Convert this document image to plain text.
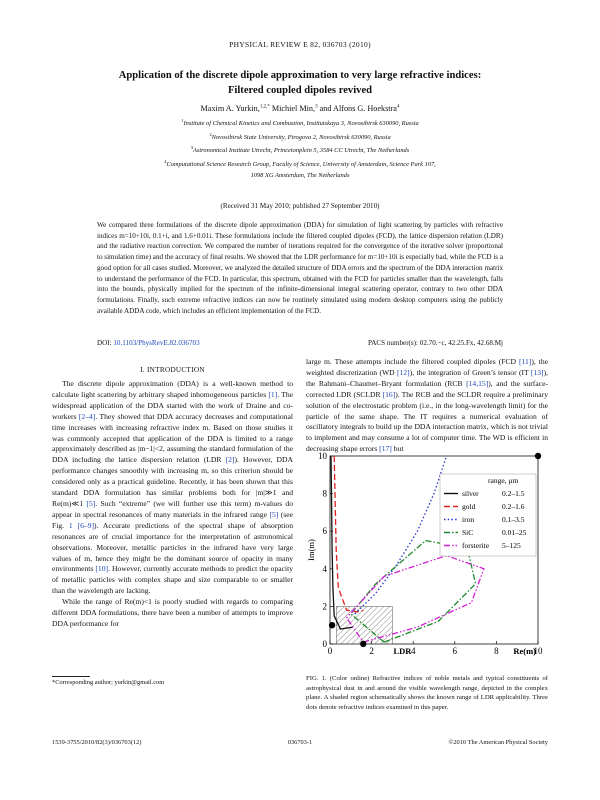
PHYSICAL REVIEW E 82, 036703 (2010)
Application of the discrete dipole approximation to very large refractive indices:
Filtered coupled dipoles revived
Maxim A. Yurkin,$^{1,2,*}$ Michiel Min,$^3$ and Alfons G. Hoekstra$^4$
$^1$Institute of Chemical Kinetics and Combustion, Institutskaya 3, Novosibirsk 630090, Russia
$^2$Novosibirsk State University, Pirogova 2, Novosibirsk 630090, Russia
$^3$Astronomical Institute Utrecht, Princetonplein 5, 3584 CC Utrecht, The Netherlands
$^4$Computational Science Research Group, Faculty of Science, University of Amsterdam, Science Park 107,
1098 XG Amsterdam, The Netherlands
(Received 31 May 2010; published 27 September 2010)
We compared three formulations of the discrete dipole approximation (DDA) for simulation of light scattering by particles with refractive indices m=10+10i, 0.1+i, and 1.6+0.01i. These formulations include the filtered coupled dipoles (FCD), the lattice dispersion relation (LDR) and the radiative reaction correction. We compared the number of iterations required for the convergence of the iterative solver (proportional to simulation time) and the accuracy of final results. We showed that the LDR performance for m=10+10i is especially bad, while the FCD is a good option for all cases studied. Moreover, we analyzed the detailed structure of DDA errors and the spectrum of the DDA interaction matrix to understand the performance of the FCD. In particular, this spectrum, obtained with the FCD for particles smaller than the wavelength, falls into the bounds, physically implied for the spectrum of the infinite-dimensional integral scattering operator, contrary to two other DDA formulations. Finally, such extreme refractive indices can now be routinely simulated using modern desktop computers using the publicly available ADDA code, which includes an efficient implementation of the FCD.
DOI: 10.1103/PhysRevE.82.036703	PACS number(s): 02.70.−c, 42.25.Fx, 42.68.Mj
I. INTRODUCTION

The discrete dipole approximation (DDA) is a well-known method to calculate light scattering by arbitrary shaped inhomogeneous particles [1]. The widespread application of the DDA started with the work of Draine and co-workers [2–4]. They showed that DDA accuracy decreases and computational time increases with increasing refractive index m. Based on those studies it was commonly accepted that application of the DDA is limited to a range approximately described as |m−1|<2, assuming the standard formulation of the DDA including the lattice dispersion relation (LDR [2]). However, DDA performance changes smoothly with increasing m, so this criterion should be considered only as a practical guideline. Recently, it has been shown that this standard DDA formulation has similar problems both for |m|≫1 and Re(m)≪1 [5]. Such “extreme” (we will further use this term) m-values do appear in spectral resonances of many materials in the infrared range [5] (see Fig. 1 [6–9]). Accurate predictions of the spectral shape of absorption resonances are of crucial importance for the interpretation of astronomical observations. Moreover, metallic particles in the infrared have very large values of m, hence they might be the dominant source of opacity in many environments [10]. However, currently accurate methods to predict the opacity of metallic particles with complex shape and size comparable to or smaller than the wavelength are lacking.

While the range of Re(m)<1 is poorly studied with regards to comparing different DDA formulations, there have been a number of attempts to improve DDA performance for

large m. These attempts include the filtered coupled dipoles (FCD [11]), the weighted discretization (WD [12]), the integration of Green’s tensor (IT [13]), the Rahmani–Chaumet–Bryant formulation (RCB [14,15]), and the surface-corrected LDR (SCLDR [16]). The RCB and the SCLDR require a preliminary solution of the electrostatic problem (i.e., in the long-wavelength limit) for the particle of the same shape. The IT requires a numerical evaluation of oscillatory integrals to build up the DDA interaction matrix, which is not trivial to implement and may consume a lot of computer time. The WD is efficient in decreasing shape errors [17] but

0	2	4	6	8	10
0
2
4
6
8
10
Re(m)
Im(m)
LDR
range, μm
silver	0.2–1.5
gold	0.2–1.6
iron	0.1–3.5
SiC	0.01–25
forsterite 5–125
FIG. 1. (Color online) Refractive indices of noble metals and typical constituents of astrophysical dust in and around the visible wavelength range, depicted in the complex plane. A shaded region schematically shows the known range of LDR applicability. Three dots denote refractive indices examined in this paper.
*Corresponding author; yurkin@gmail.com
1539-3755/2010/82(3)/036703(12)	036703-1	©2010 The American Physical Society
